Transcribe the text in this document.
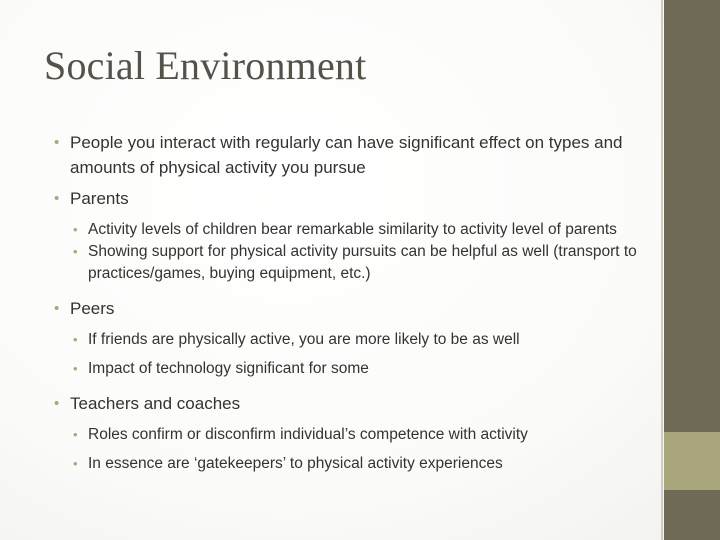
Social Environment
• People you interact with regularly can have significant effect on types and amounts of physical activity you pursue
• Parents
• Activity levels of children bear remarkable similarity to activity level of parents
• Showing support for physical activity pursuits can be helpful as well (transport to practices/games, buying equipment, etc.)
• Peers
• If friends are physically active, you are more likely to be as well
• Impact of technology significant for some
• Teachers and coaches
• Roles confirm or disconfirm individual’s competence with activity
• In essence are ‘gatekeepers’ to physical activity experiences
